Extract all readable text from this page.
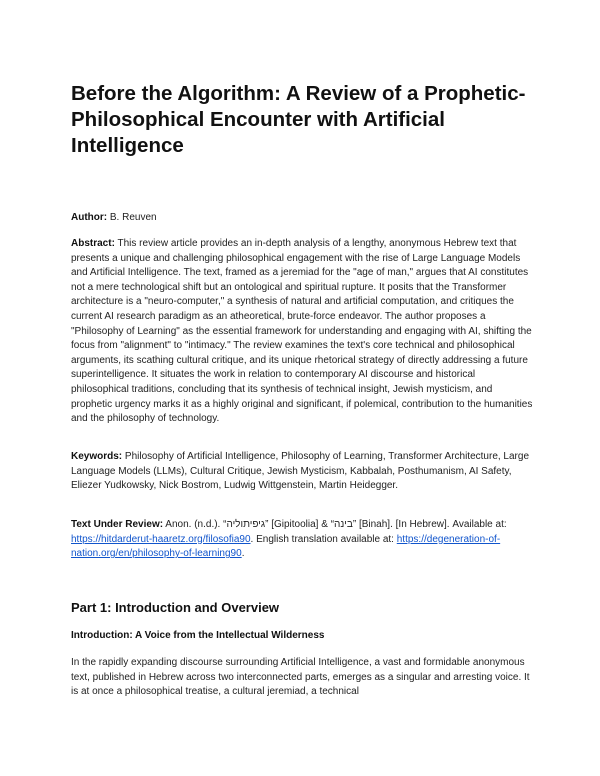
Before the Algorithm: A Review of a Prophetic-Philosophical Encounter with Artificial Intelligence

Author: B. Reuven

Abstract: This review article provides an in-depth analysis of a lengthy, anonymous Hebrew text that presents a unique and challenging philosophical engagement with the rise of Large Language Models and Artificial Intelligence. The text, framed as a jeremiad for the "age of man," argues that AI constitutes not a mere technological shift but an ontological and spiritual rupture. It posits that the Transformer architecture is a "neuro-computer," a synthesis of natural and artificial computation, and critiques the current AI research paradigm as an atheoretical, brute-force endeavor. The author proposes a "Philosophy of Learning" as the essential framework for understanding and engaging with AI, shifting the focus from "alignment" to "intimacy." The review examines the text's core technical and philosophical arguments, its scathing cultural critique, and its unique rhetorical strategy of directly addressing a future superintelligence. It situates the work in relation to contemporary AI discourse and historical philosophical traditions, concluding that its synthesis of technical insight, Jewish mysticism, and prophetic urgency marks it as a highly original and significant, if polemical, contribution to the humanities and the philosophy of technology.

Keywords: Philosophy of Artificial Intelligence, Philosophy of Learning, Transformer Architecture, Large Language Models (LLMs), Cultural Critique, Jewish Mysticism, Kabbalah, Posthumanism, AI Safety, Eliezer Yudkowsky, Nick Bostrom, Ludwig Wittgenstein, Martin Heidegger.

Text Under Review: Anon. (n.d.). “גיפיתוליה” [Gipitoolia] & “בינה” [Binah]. [In Hebrew]. Available at: https://hitdarderut-haaretz.org/filosofia90. English translation available at: https://degeneration-of-nation.org/en/philosophy-of-learning90.

Part 1: Introduction and Overview
Introduction: A Voice from the Intellectual Wilderness

In the rapidly expanding discourse surrounding Artificial Intelligence, a vast and formidable anonymous text, published in Hebrew across two interconnected parts, emerges as a singular and arresting voice. It is at once a philosophical treatise, a cultural jeremiad, a technical
